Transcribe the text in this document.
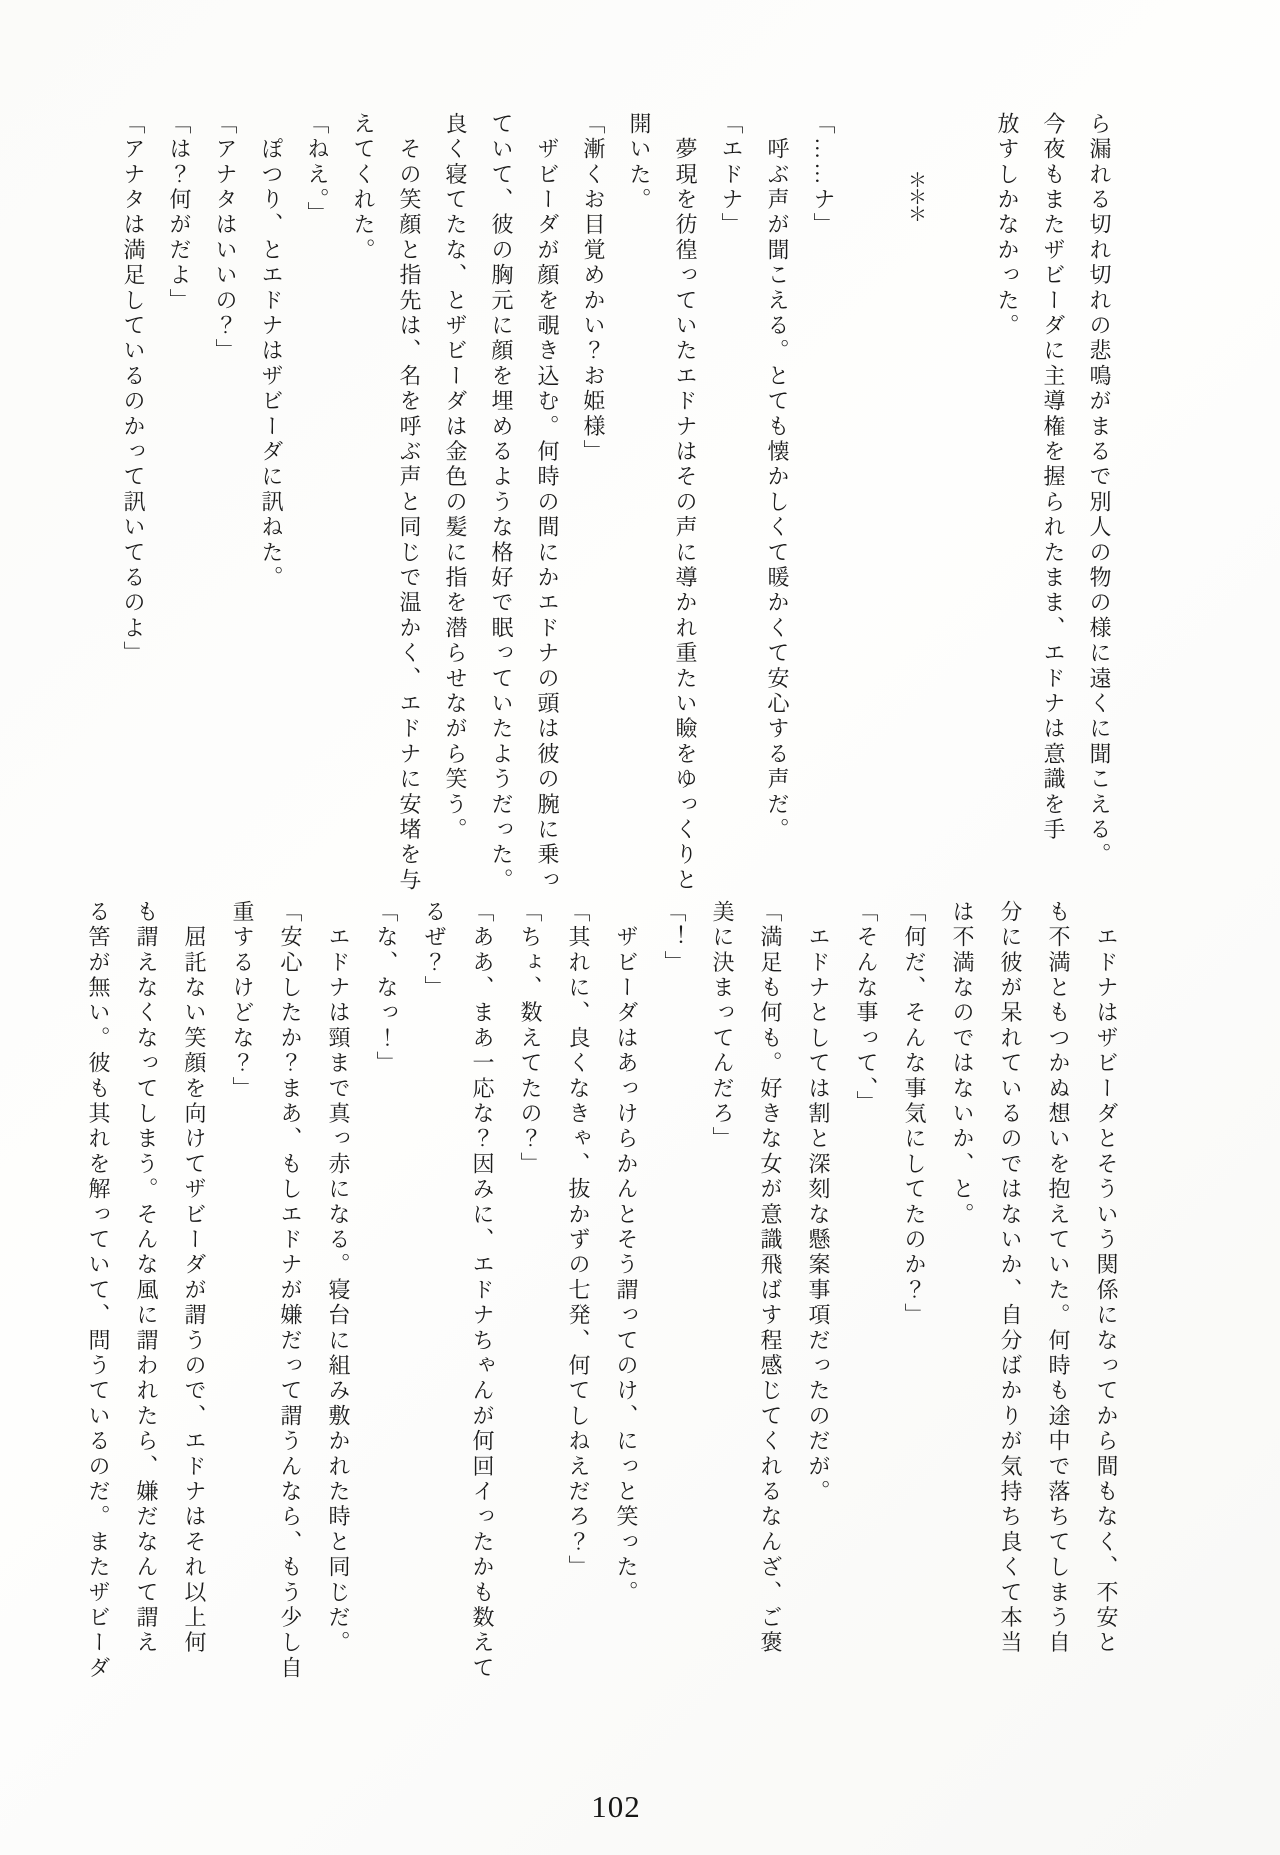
ら漏れる切れ切れの悲鳴がまるで別人の物の様に遠くに聞こえる。 ​

今夜もまたザビーダに主導権を握られたまま、エドナは意識を手 ​

放すしかなかった。 ​

​

＊＊＊ ​

​

「……ナ」 ​

　呼ぶ声が聞こえる。とても懐かしくて暖かくて安心する声だ。 ​

「エドナ」 ​

　夢現を彷徨っていたエドナはその声に導かれ重たい瞼をゆっくりと ​

開いた。 ​

「漸くお目覚めかい？お姫様」 ​

　ザビーダが顔を覗き込む。何時の間にかエドナの頭は彼の腕に乗っ ​

ていて、彼の胸元に顔を埋めるような格好で眠っていたようだった。 ​

良く寝てたな、とザビーダは金色の髪に指を潜らせながら笑う。 ​

　その笑顔と指先は、名を呼ぶ声と同じで温かく、エドナに安堵を与 ​

えてくれた。 ​

「ねえ。」 ​

　ぽつり、とエドナはザビーダに訊ねた。 ​

「アナタはいいの？」 ​

「は？何がだよ」 ​

「アナタは満足しているのかって訊いてるのよ」 ​

　エドナはザビーダとそういう関係になってから間もなく、不安と ​

も不満ともつかぬ想いを抱えていた。何時も途中で落ちてしまう自 ​

分に彼が呆れているのではないか、自分ばかりが気持ち良くて本当 ​

は不満なのではないか、と。 ​

「何だ、そんな事気にしてたのか？」 ​

「そんな事って、」 ​

　エドナとしては割と深刻な懸案事項だったのだが。 ​

「満足も何も。好きな女が意識飛ばす程感じてくれるなんざ、ご褒 ​

美に決まってんだろ」 ​

「！」 ​

　ザビーダはあっけらかんとそう謂ってのけ、にっと笑った。 ​

「其れに、良くなきゃ、抜かずの七発、何てしねえだろ？」 ​

「ちょ、数えてたの？」 ​

「ああ、まあ一応な？因みに、エドナちゃんが何回イったかも数えて ​

るぜ？」 ​

「な、なっ！」 ​

　エドナは頸まで真っ赤になる。寝台に組み敷かれた時と同じだ。 ​

「安心したか？まあ、もしエドナが嫌だって謂うんなら、もう少し自 ​

重するけどな？」 ​

　屈託ない笑顔を向けてザビーダが謂うので、エドナはそれ以上何 ​

も謂えなくなってしまう。そんな風に謂われたら、嫌だなんて謂え ​

る筈が無い。彼も其れを解っていて、問うているのだ。またザビーダ ​

102
